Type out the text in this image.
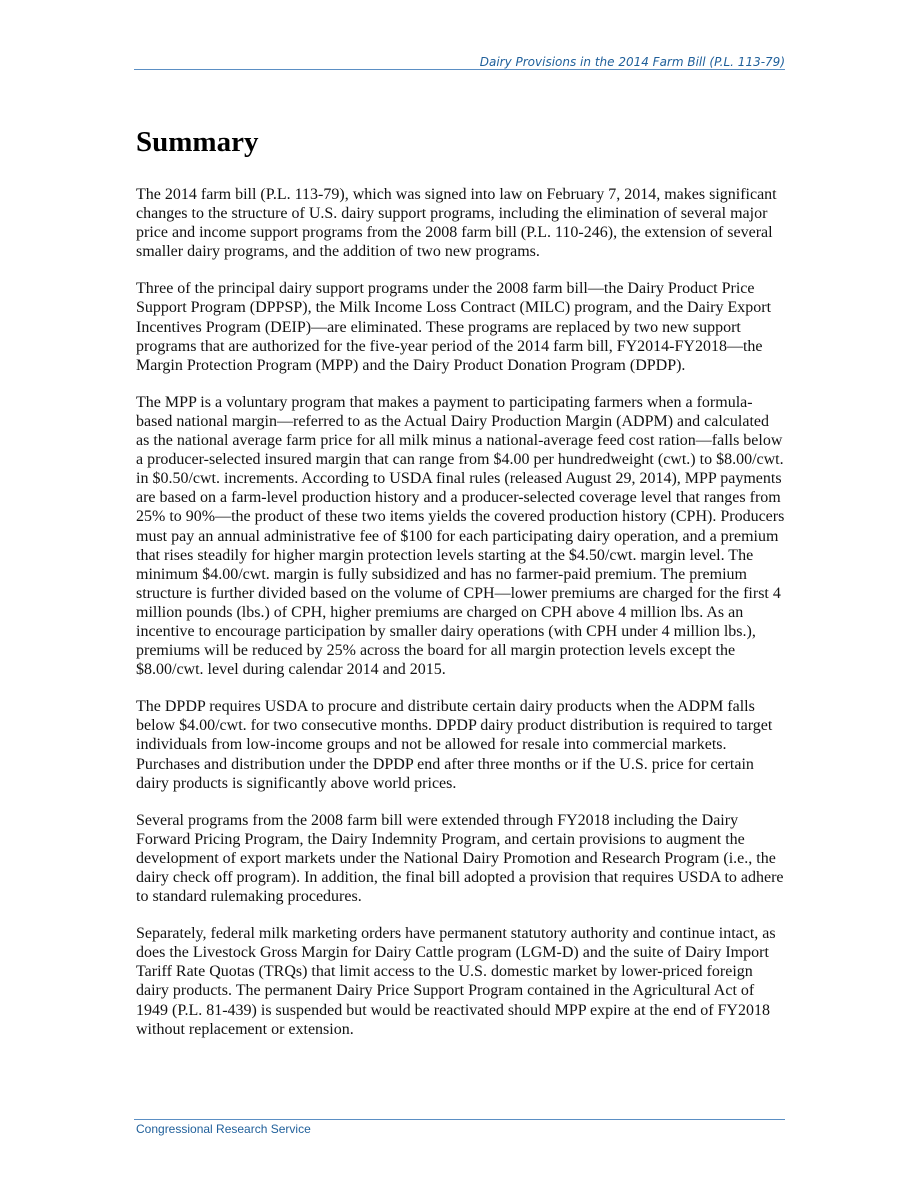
Dairy Provisions in the 2014 Farm Bill (P.L. 113-79)
Summary

The 2014 farm bill (P.L. 113-79), which was signed into law on February 7, 2014, makes significant changes to the structure of U.S. dairy support programs, including the elimination of several major price and income support programs from the 2008 farm bill (P.L. 110-246), the extension of several smaller dairy programs, and the addition of two new programs.

Three of the principal dairy support programs under the 2008 farm bill—the Dairy Product Price Support Program (DPPSP), the Milk Income Loss Contract (MILC) program, and the Dairy Export Incentives Program (DEIP)—are eliminated. These programs are replaced by two new support programs that are authorized for the five-year period of the 2014 farm bill, FY2014-FY2018—the Margin Protection Program (MPP) and the Dairy Product Donation Program (DPDP).

The MPP is a voluntary program that makes a payment to participating farmers when a formula-based national margin—referred to as the Actual Dairy Production Margin (ADPM) and calculated as the national average farm price for all milk minus a national-average feed cost ration—falls below a producer-selected insured margin that can range from $4.00 per hundredweight (cwt.) to $8.00/cwt. in $0.50/cwt. increments. According to USDA final rules (released August 29, 2014), MPP payments are based on a farm-level production history and a producer-selected coverage level that ranges from 25% to 90%—the product of these two items yields the covered production history (CPH). Producers must pay an annual administrative fee of $100 for each participating dairy operation, and a premium that rises steadily for higher margin protection levels starting at the $4.50/cwt. margin level. The minimum $4.00/cwt. margin is fully subsidized and has no farmer-paid premium. The premium structure is further divided based on the volume of CPH—lower premiums are charged for the first 4 million pounds (lbs.) of CPH, higher premiums are charged on CPH above 4 million lbs. As an incentive to encourage participation by smaller dairy operations (with CPH under 4 million lbs.), premiums will be reduced by 25% across the board for all margin protection levels except the $8.00/cwt. level during calendar 2014 and 2015.

The DPDP requires USDA to procure and distribute certain dairy products when the ADPM falls below $4.00/cwt. for two consecutive months. DPDP dairy product distribution is required to target individuals from low-income groups and not be allowed for resale into commercial markets. Purchases and distribution under the DPDP end after three months or if the U.S. price for certain dairy products is significantly above world prices.

Several programs from the 2008 farm bill were extended through FY2018 including the Dairy Forward Pricing Program, the Dairy Indemnity Program, and certain provisions to augment the development of export markets under the National Dairy Promotion and Research Program (i.e., the dairy check off program). In addition, the final bill adopted a provision that requires USDA to adhere to standard rulemaking procedures.

Separately, federal milk marketing orders have permanent statutory authority and continue intact, as does the Livestock Gross Margin for Dairy Cattle program (LGM-D) and the suite of Dairy Import Tariff Rate Quotas (TRQs) that limit access to the U.S. domestic market by lower-priced foreign dairy products. The permanent Dairy Price Support Program contained in the Agricultural Act of 1949 (P.L. 81-439) is suspended but would be reactivated should MPP expire at the end of FY2018 without replacement or extension.

Congressional Research Service
